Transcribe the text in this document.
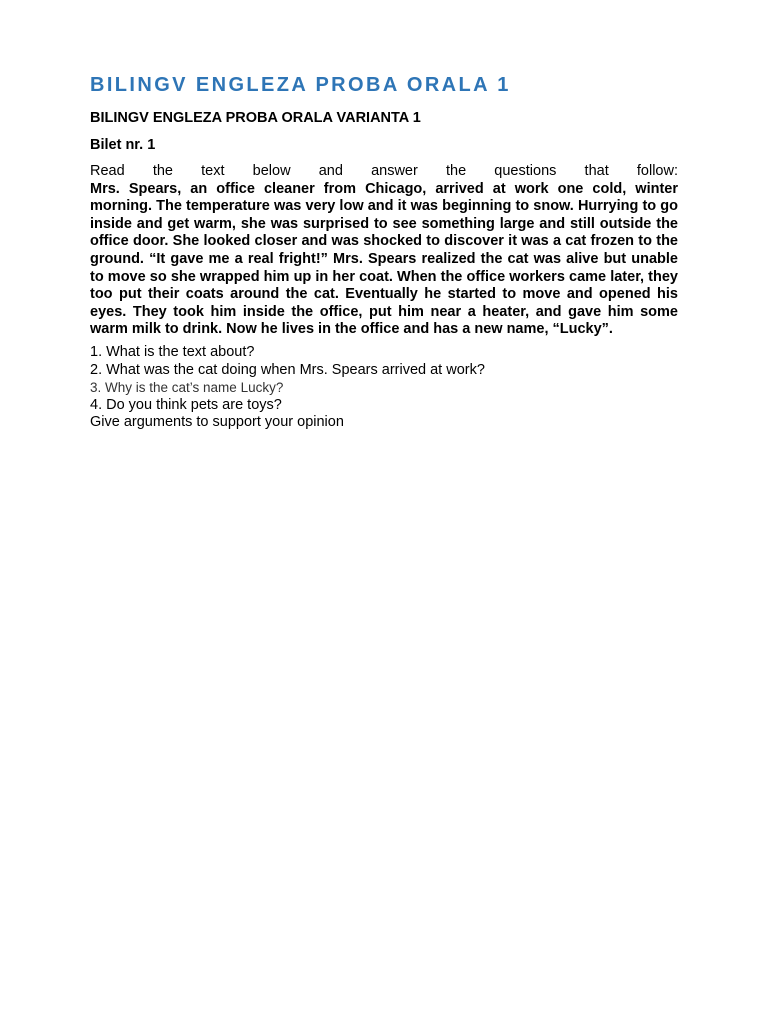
BILINGV ENGLEZA PROBA ORALA 1

BILINGV ENGLEZA PROBA ORALA VARIANTA 1

Bilet nr. 1

Read the text below and answer the questions that follow:
Mrs. Spears, an office cleaner from Chicago, arrived at work one cold, winter morning. The temperature was very low and it was beginning to snow. Hurrying to go inside and get warm, she was surprised to see something large and still outside the office door. She looked closer and was shocked to discover it was a cat frozen to the ground. “It gave me a real fright!” Mrs. Spears realized the cat was alive but unable to move so she wrapped him up in her coat. When the office workers came later, they too put their coats around the cat. Eventually he started to move and opened his eyes. They took him inside the office, put him near a heater, and gave him some warm milk to drink. Now he lives in the office and has a new name, “Lucky”.

1. What is the text about?
2. What was the cat doing when Mrs. Spears arrived at work?
3. Why is the cat’s name Lucky?
4. Do you think pets are toys?
Give arguments to support your opinion
